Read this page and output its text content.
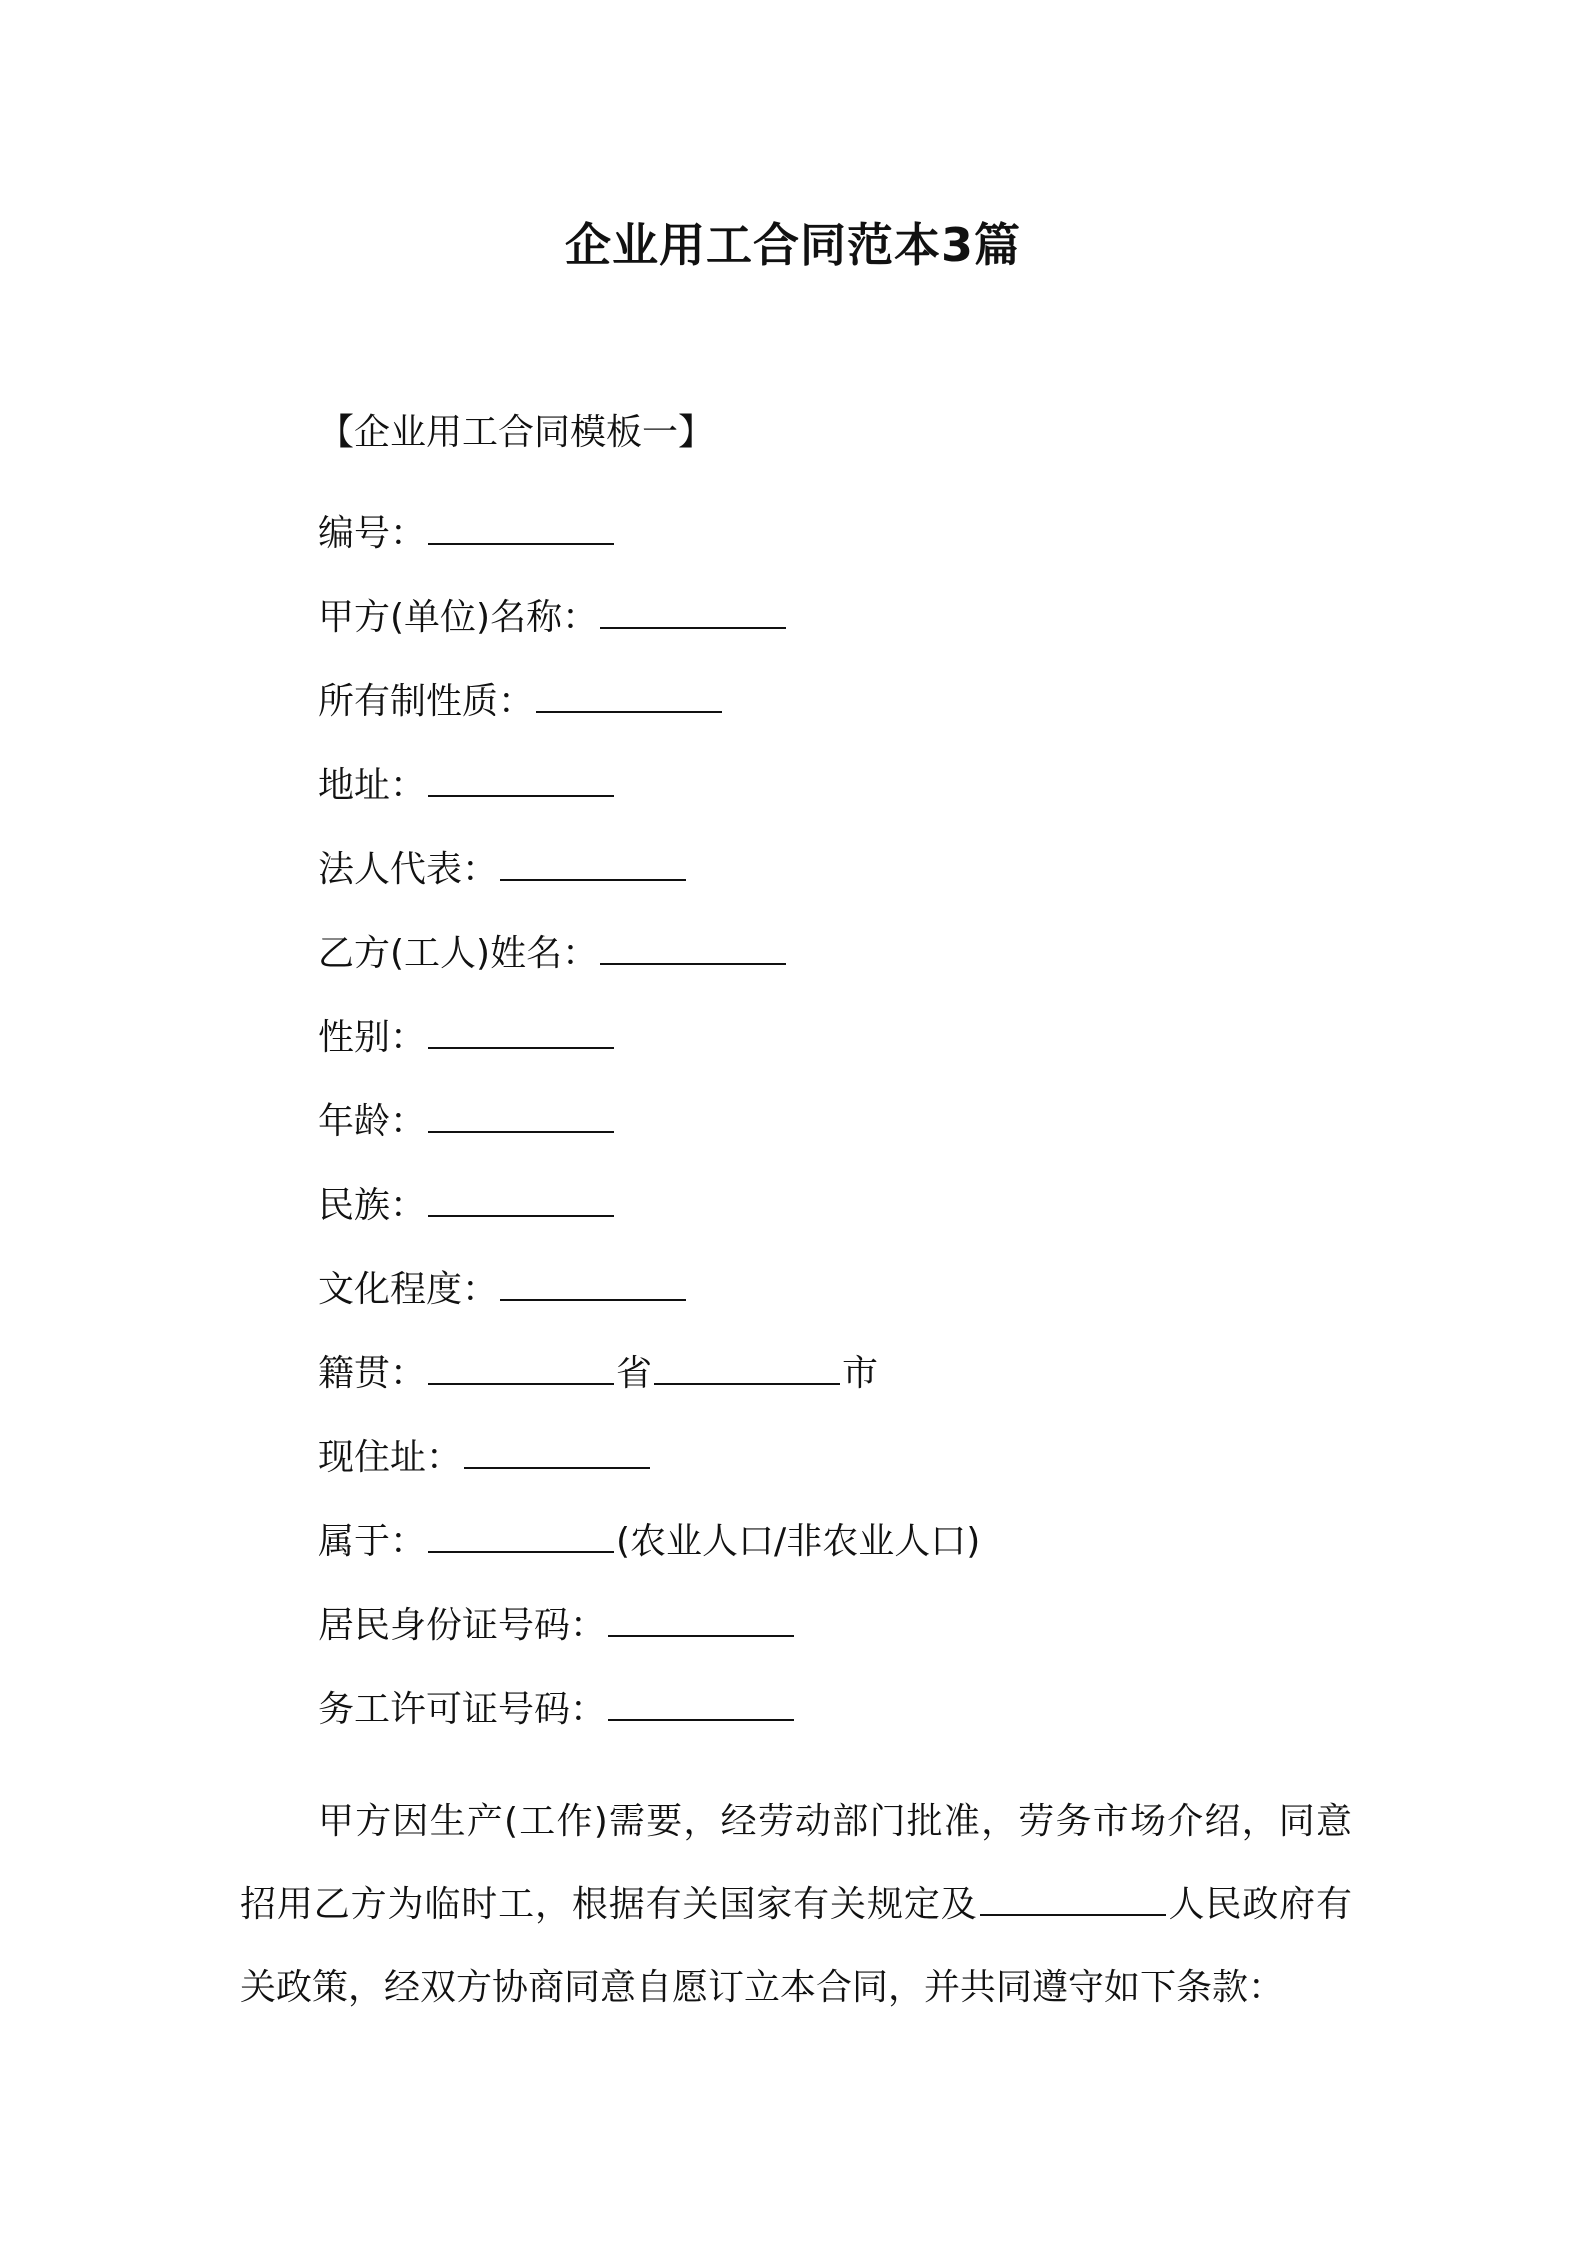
企业用工合同范本3篇
【企业用工合同模板一】
编号：
甲方(单位)名称：
所有制性质：
地址：
法人代表：
乙方(工人)姓名：
性别：
年龄：
民族：
文化程度：
籍贯：	省	市
现住址：
属于：	(农业人口/非农业人口)
居民身份证号码：
务工许可证号码：

甲方因生产(工作)需要，经劳动部门批准，劳务市场介绍，同意招用乙方为临时工，根据有关国家有关规定及	人民政府有关政策，经双方协商同意自愿订立本合同，并共同遵守如下条款：
